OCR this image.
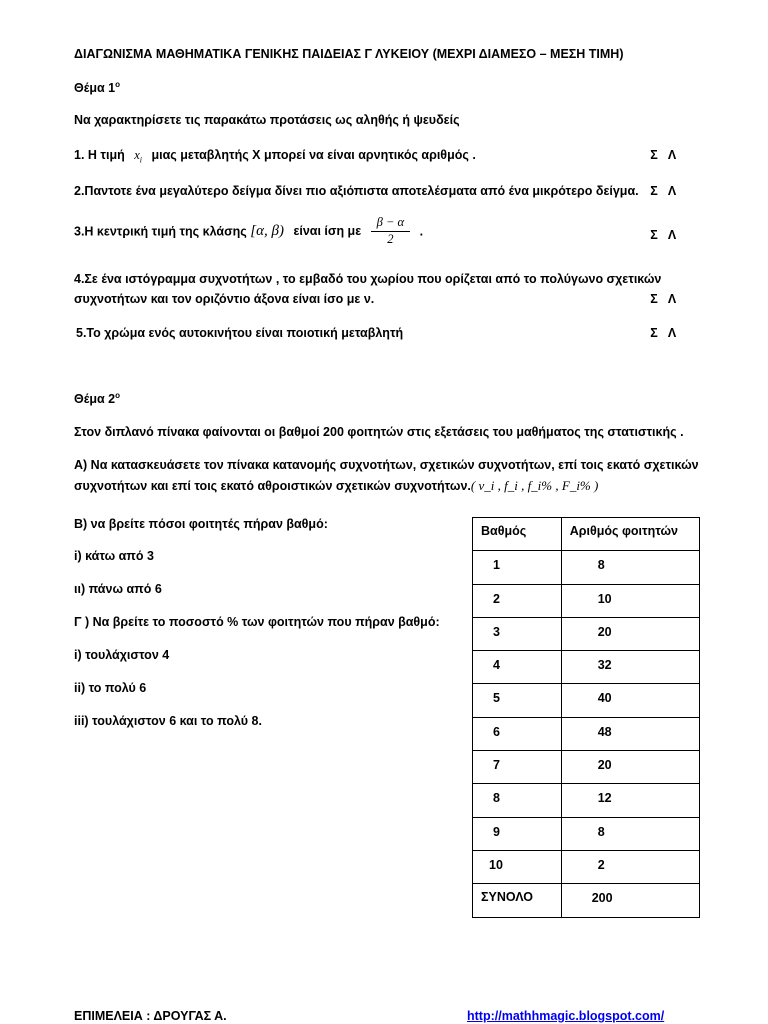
ΔΙΑΓΩΝΙΣΜΑ ΜΑΘΗΜΑΤΙΚΑ ΓΕΝΙΚΗΣ ΠΑΙΔΕΙΑΣ Γ ΛΥΚΕΙΟΥ (ΜΕΧΡΙ ΔΙΑΜΕΣΟ – ΜΕΣΗ ΤΙΜΗ)
Θέμα $1^o$
Να χαρακτηρίσετε τις παρακάτω προτάσεις ως αληθής ή ψευδείς
1. Η τιμή $x_i$ μιας μεταβλητής Χ μπορεί να είναι αρνητικός αριθμός .	Σ Λ
2.Παντοτε ένα μεγαλύτερο δείγμα δίνει πιο αξιόπιστα αποτελέσματα από ένα μικρότερο δείγμα. Σ Λ
3.Η κεντρική τιμή της κλάσης [α, β) είναι ίση με $\frac{\beta - \alpha}{2}$ .	Σ Λ
4.Σε ένα ιστόγραμμα συχνοτήτων , το εμβαδό του χωρίου που ορίζεται από το πολύγωνο σχετικών
συχνοτήτων και τον οριζόντιο άξονα είναι ίσο με ν.	Σ Λ
5.Το χρώμα ενός αυτοκινήτου είναι ποιοτική μεταβλητή	Σ Λ
Θέμα $2^o$
Στον διπλανό πίνακα φαίνονται οι βαθμοί 200 φοιτητών στις εξετάσεις του μαθήματος της στατιστικής .
Α) Να κατασκευάσετε τον πίνακα κατανομής συχνοτήτων, σχετικών συχνοτήτων, επί τοις εκατό σχετικών
συχνοτήτων και επί τοις εκατό αθροιστικών σχετικών συχνοτήτων.( ν_i , f_i , f_i% , F_i% )
Β) να βρείτε πόσοι φοιτητές πήραν βαθμό:
i) κάτω από 3
ιι) πάνω από 6
Γ ) Να βρείτε το ποσοστό % των φοιτητών που πήραν βαθμό:
i) τουλάχιστον 4
ii) το πολύ 6
iii) τουλάχιστον 6 και το πολύ 8.
Βαθμός	Αριθμός φοιτητών
1	8
2	10
3	20
4	32
5	40
6	48
7	20
8	12
9	8
10	2
ΣΥΝΟΛΟ	200
ΕΠΙΜΕΛΕΙΑ : ΔΡΟΥΓΑΣ Α.	http://mathhmagic.blogspot.com/
